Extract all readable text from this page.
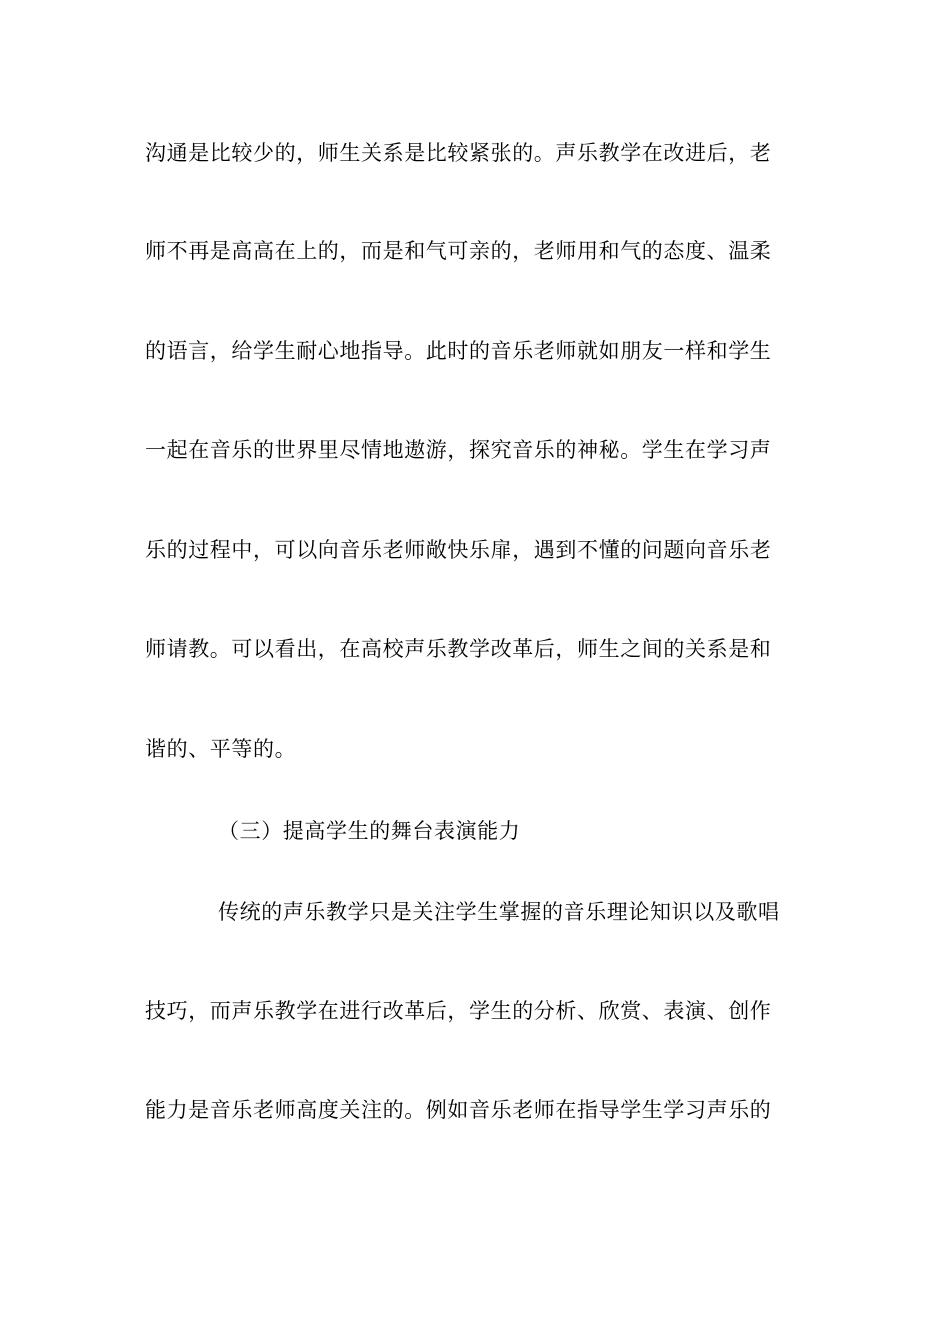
沟通是比较少的，师生关系是比较紧张的。声乐教学在改进后，老
师不再是高高在上的，而是和气可亲的，老师用和气的态度、温柔
的语言，给学生耐心地指导。此时的音乐老师就如朋友一样和学生
一起在音乐的世界里尽情地遨游，探究音乐的神秘。学生在学习声
乐的过程中，可以向音乐老师敞快乐扉，遇到不懂的问题向音乐老
师请教。可以看出，在高校声乐教学改革后，师生之间的关系是和
谐的、平等的。
（三）提高学生的舞台表演能力
传统的声乐教学只是关注学生掌握的音乐理论知识以及歌唱
技巧，而声乐教学在进行改革后，学生的分析、欣赏、表演、创作
能力是音乐老师高度关注的。例如音乐老师在指导学生学习声乐的
